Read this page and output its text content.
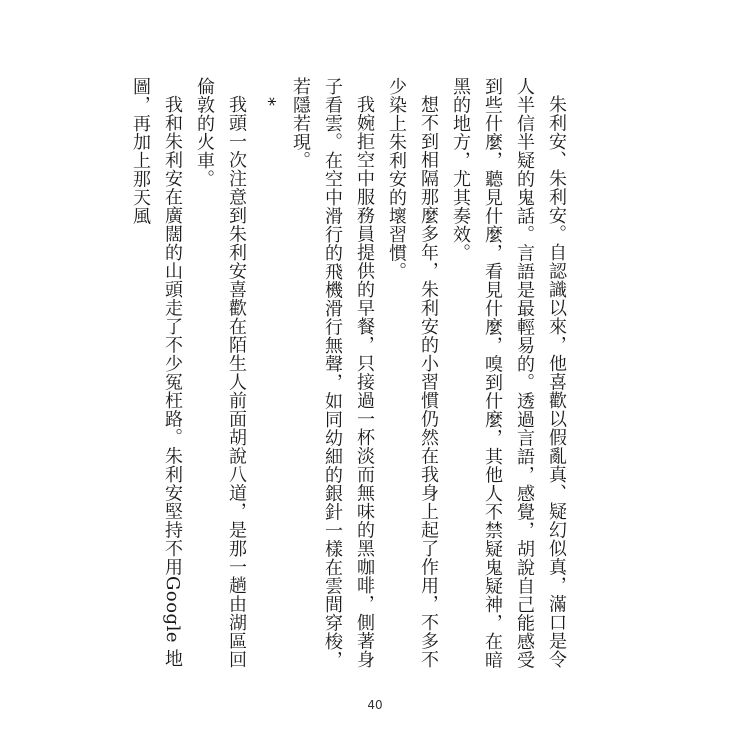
朱利安、朱利安。自認識以來，他喜歡以假亂真、疑幻似真，滿口是令人半信半疑的鬼話。言語是最輕易的。透過言語，感覺，胡說自己能感受到些什麼，聽見什麼，看見什麼，嗅到什麼，其他人不禁疑鬼疑神，在暗黑的地方，尤其奏效。

想不到相隔那麼多年，朱利安的小習慣仍然在我身上起了作用，不多不少染上朱利安的壞習慣。

我婉拒空中服務員提供的早餐，只接過一杯淡而無味的黑咖啡，側著身子看雲。在空中滑行的飛機滑行無聲，如同幼細的銀針一樣在雲間穿梭，若隱若現。

*

我頭一次注意到朱利安喜歡在陌生人前面胡說八道，是那一趟由湖區回倫敦的火車。

我和朱利安在廣闊的山頭走了不少冤枉路。朱利安堅持不用Google 地圖，再加上那天風

40
